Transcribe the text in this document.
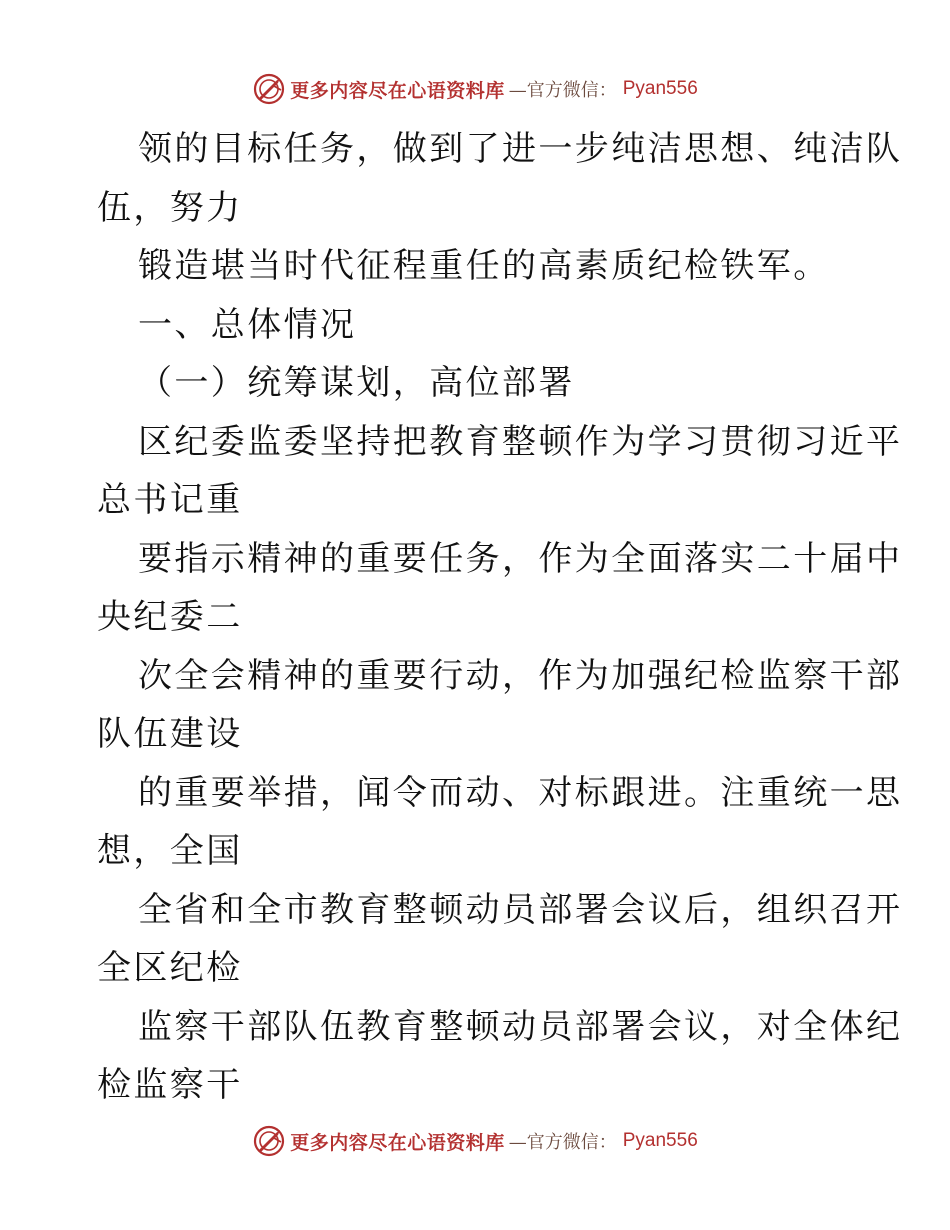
更多内容尽在心语资料库 —官方微信： Pyan556
领的目标任务，做到了进一步纯洁思想、纯洁队
伍，努力
锻造堪当时代征程重任的高素质纪检铁军。
一、总体情况
（一）统筹谋划，高位部署
区纪委监委坚持把教育整顿作为学习贯彻习近平
总书记重
要指示精神的重要任务，作为全面落实二十届中
央纪委二
次全会精神的重要行动，作为加强纪检监察干部
队伍建设
的重要举措，闻令而动、对标跟进。注重统一思
想，全国
全省和全市教育整顿动员部署会议后，组织召开
全区纪检
监察干部队伍教育整顿动员部署会议，对全体纪
检监察干
更多内容尽在心语资料库 —官方微信： Pyan556
